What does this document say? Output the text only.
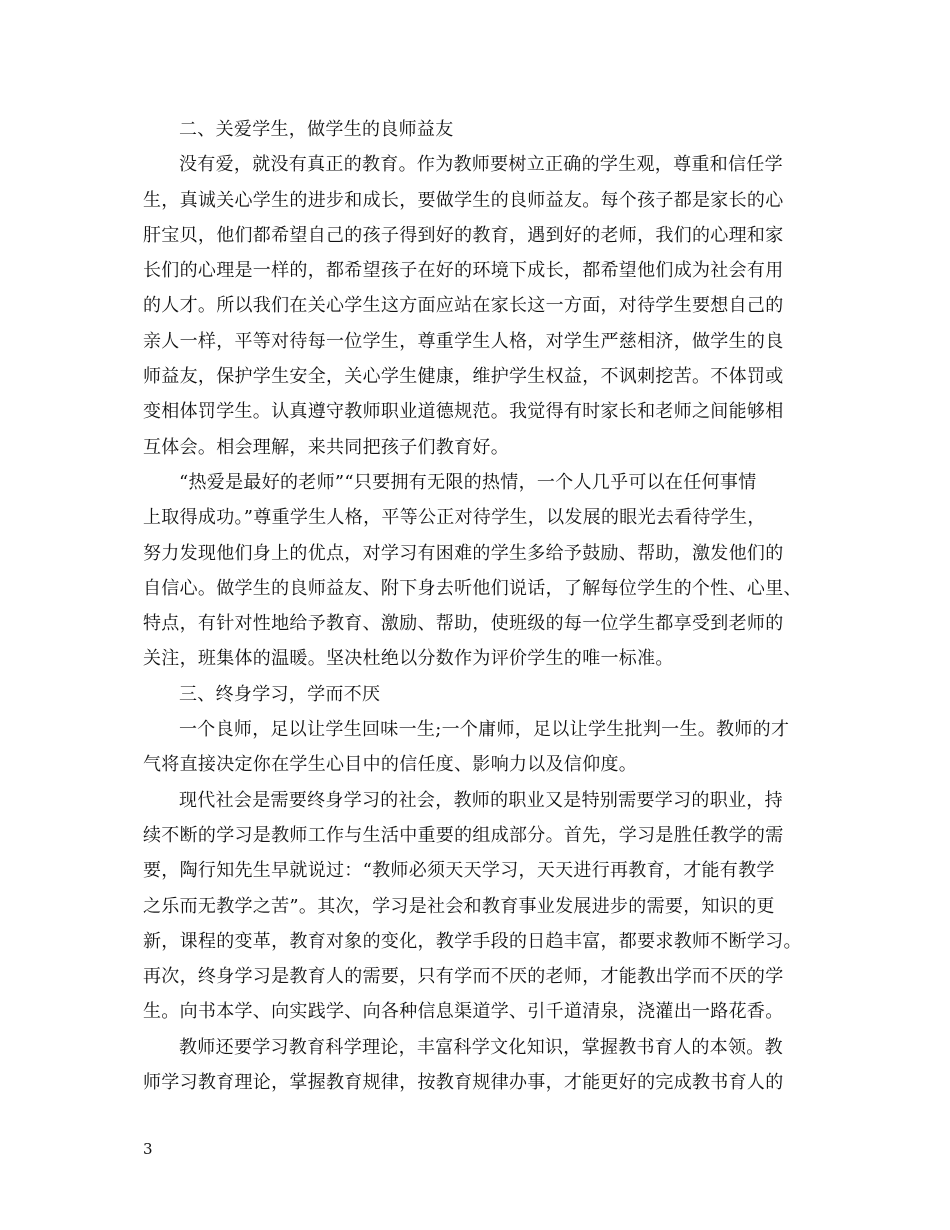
二、关爱学生，做学生的良师益友
没有爱，就没有真正的教育。作为教师要树立正确的学生观，尊重和信任学
生，真诚关心学生的进步和成长，要做学生的良师益友。每个孩子都是家长的心
肝宝贝，他们都希望自己的孩子得到好的教育，遇到好的老师，我们的心理和家
长们的心理是一样的，都希望孩子在好的环境下成长，都希望他们成为社会有用
的人才。所以我们在关心学生这方面应站在家长这一方面，对待学生要想自己的
亲人一样，平等对待每一位学生，尊重学生人格，对学生严慈相济，做学生的良
师益友，保护学生安全，关心学生健康，维护学生权益，不讽刺挖苦。不体罚或
变相体罚学生。认真遵守教师职业道德规范。我觉得有时家长和老师之间能够相
互体会。相会理解，来共同把孩子们教育好。
“热爱是最好的老师”“只要拥有无限的热情，一个人几乎可以在任何事情
上取得成功。”尊重学生人格，平等公正对待学生，以发展的眼光去看待学生，
努力发现他们身上的优点，对学习有困难的学生多给予鼓励、帮助，激发他们的
自信心。做学生的良师益友、附下身去听他们说话，了解每位学生的个性、心里、
特点，有针对性地给予教育、激励、帮助，使班级的每一位学生都享受到老师的
关注，班集体的温暖。坚决杜绝以分数作为评价学生的唯一标准。
三、终身学习，学而不厌
一个良师，足以让学生回味一生;一个庸师，足以让学生批判一生。教师的才
气将直接决定你在学生心目中的信任度、影响力以及信仰度。
现代社会是需要终身学习的社会，教师的职业又是特别需要学习的职业，持
续不断的学习是教师工作与生活中重要的组成部分。首先，学习是胜任教学的需
要，陶行知先生早就说过：“教师必须天天学习，天天进行再教育，才能有教学
之乐而无教学之苦”。其次，学习是社会和教育事业发展进步的需要，知识的更
新，课程的变革，教育对象的变化，教学手段的日趋丰富，都要求教师不断学习。
再次，终身学习是教育人的需要，只有学而不厌的老师，才能教出学而不厌的学
生。向书本学、向实践学、向各种信息渠道学、引千道清泉，浇灌出一路花香。
教师还要学习教育科学理论，丰富科学文化知识，掌握教书育人的本领。教
师学习教育理论，掌握教育规律，按教育规律办事，才能更好的完成教书育人的
3
